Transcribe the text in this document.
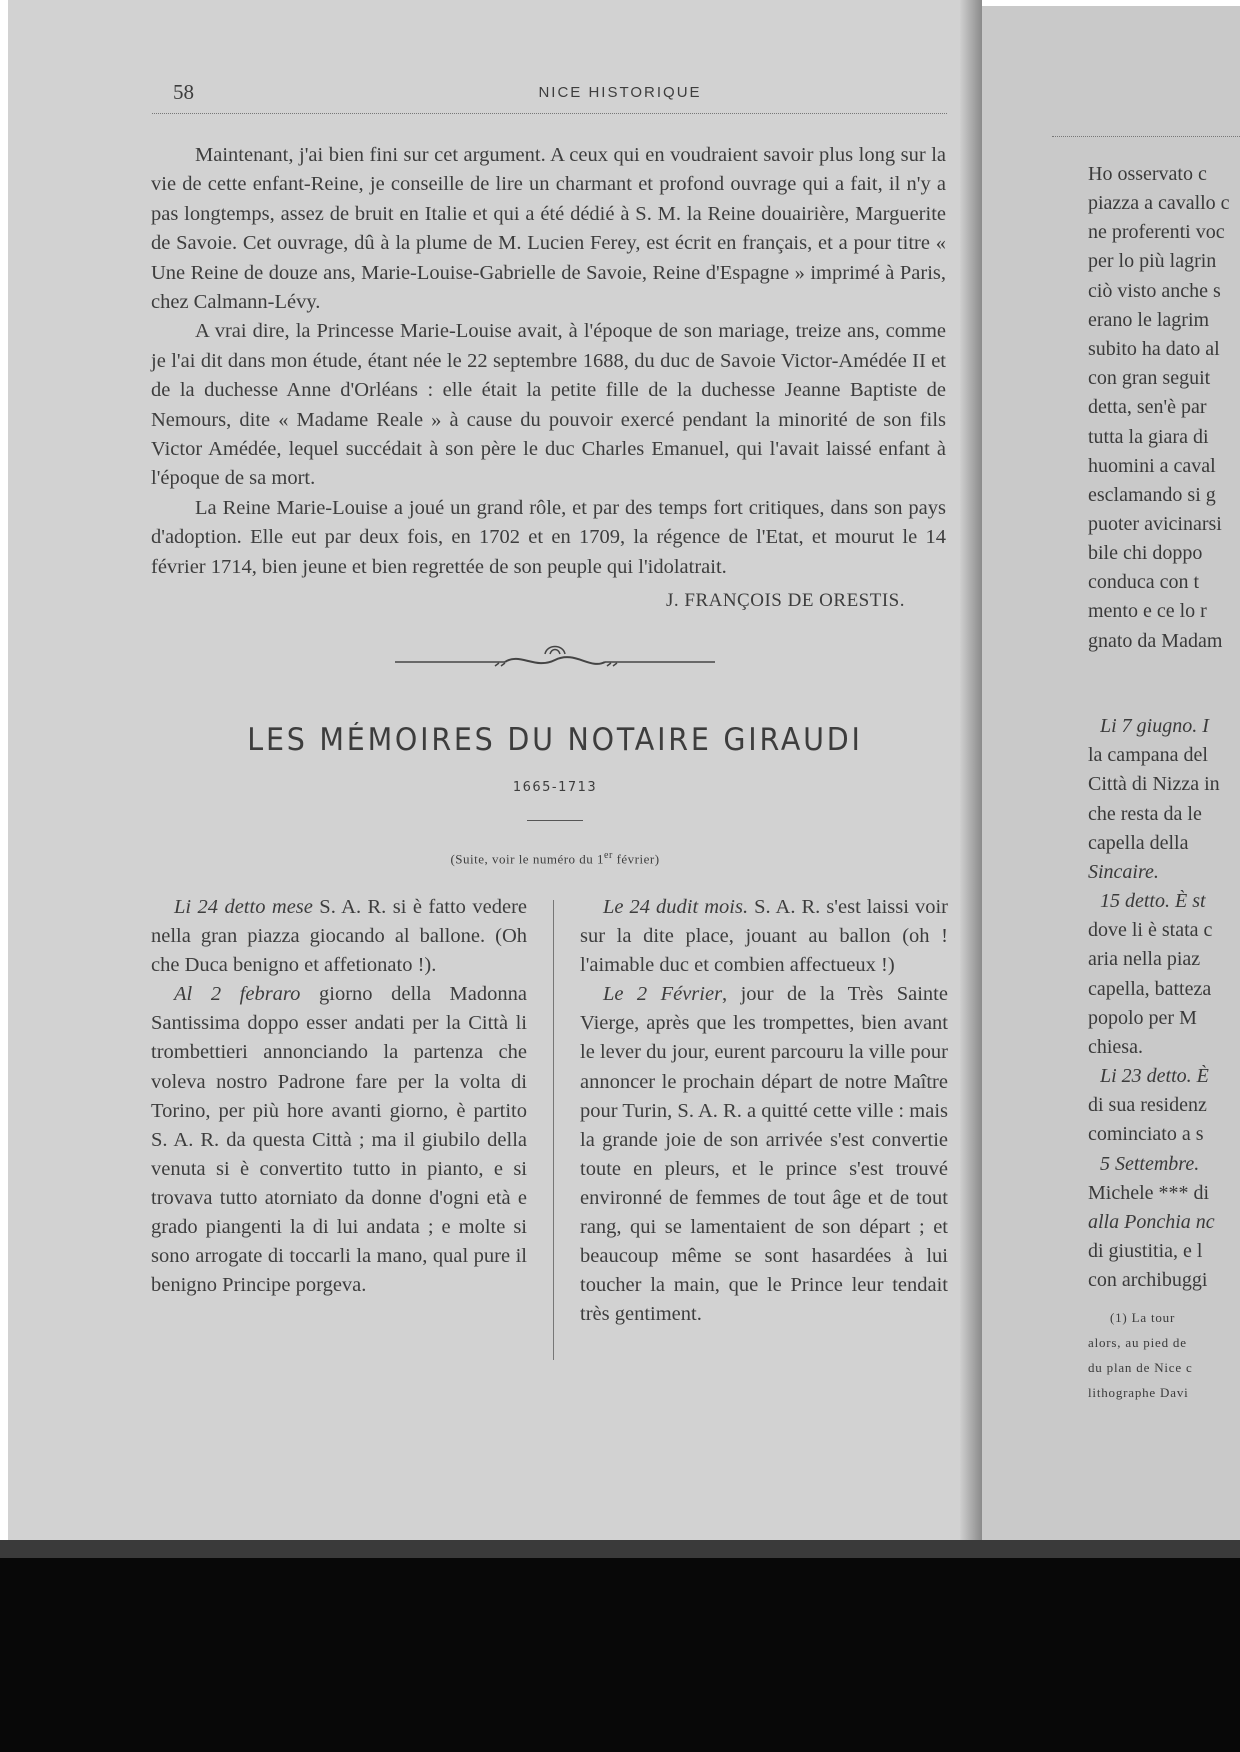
58	NICE HISTORIQUE

Maintenant, j'ai bien fini sur cet argument. A ceux qui en voudraient savoir plus long sur la vie de cette enfant-Reine, je conseille de lire un charmant et profond ouvrage qui a fait, il n'y a pas longtemps, assez de bruit en Italie et qui a été dédié à S. M. la Reine douairière, Marguerite de Savoie. Cet ouvrage, dû à la plume de M. Lucien Ferey, est écrit en français, et a pour titre « Une Reine de douze ans, Marie-Louise-Gabrielle de Savoie, Reine d'Espagne » imprimé à Paris, chez Calmann-Lévy.

A vrai dire, la Princesse Marie-Louise avait, à l'époque de son mariage, treize ans, comme je l'ai dit dans mon étude, étant née le 22 septembre 1688, du duc de Savoie Victor-Amédée II et de la duchesse Anne d'Orléans : elle était la petite fille de la duchesse Jeanne Baptiste de Nemours, dite « Madame Reale » à cause du pouvoir exercé pendant la minorité de son fils Victor Amédée, lequel succédait à son père le duc Charles Emanuel, qui l'avait laissé enfant à l'époque de sa mort.

La Reine Marie-Louise a joué un grand rôle, et par des temps fort critiques, dans son pays d'adoption. Elle eut par deux fois, en 1702 et en 1709, la régence de l'Etat, et mourut le 14 février 1714, bien jeune et bien regrettée de son peuple qui l'idolatrait.

J. FRANÇOIS DE ORESTIS.
LES MÉMOIRES DU NOTAIRE GIRAUDI
1665-1713
(Suite, voir le numéro du 1er février)

Li 24 detto mese S. A. R. si è fatto vedere nella gran piazza giocando al ballone. (Oh che Duca benigno et affetionato !).

Al 2 febraro giorno della Madonna Santissima doppo esser andati per la Città li trombettieri annonciando la partenza che voleva nostro Padrone fare per la volta di Torino, per più hore avanti giorno, è partito S. A. R. da questa Città ; ma il giubilo della venuta si è convertito tutto in pianto, e si trovava tutto atorniato da donne d'ogni età e grado piangenti la di lui andata ; e molte si sono arrogate di toccarli la mano, qual pure il benigno Principe porgeva.

Le 24 dudit mois. S. A. R. s'est laissi voir sur la dite place, jouant au ballon (oh ! l'aimable duc et combien affectueux !)

Le 2 Février, jour de la Très Sainte Vierge, après que les trompettes, bien avant le lever du jour, eurent parcouru la ville pour annoncer le prochain départ de notre Maître pour Turin, S. A. R. a quitté cette ville : mais la grande joie de son arrivée s'est convertie toute en pleurs, et le prince s'est trouvé environné de femmes de tout âge et de tout rang, qui se lamentaient de son départ ; et beaucoup même se sont hasardées à lui toucher la main, que le Prince leur tendait très gentiment.

Ho osservato c
piazza a cavallo c
ne proferenti voc
per lo più lagrin
ciò visto anche s
erano le lagrim
subito ha dato al
con gran seguit
detta, sen'è par
tutta la giara di
huomini a caval
esclamando si g
puoter avicinarsi
bile chi doppo
conduca con t
mento e ce lo r
gnato da Madam
Li 7 giugno. I
la campana del
Città di Nizza in
che resta da le
capella della
Sincaire.
15 detto. È st
dove li è stata c
aria nella piaz
capella, batteza
popolo per M
chiesa.
Li 23 detto. È
di sua residenz
cominciato a s
5 Settembre.
Michele *** di
alla Ponchia nc
di giustitia, e l
con archibuggi
(1) La tour
alors, au pied de
du plan de Nice c
lithographe Davi
